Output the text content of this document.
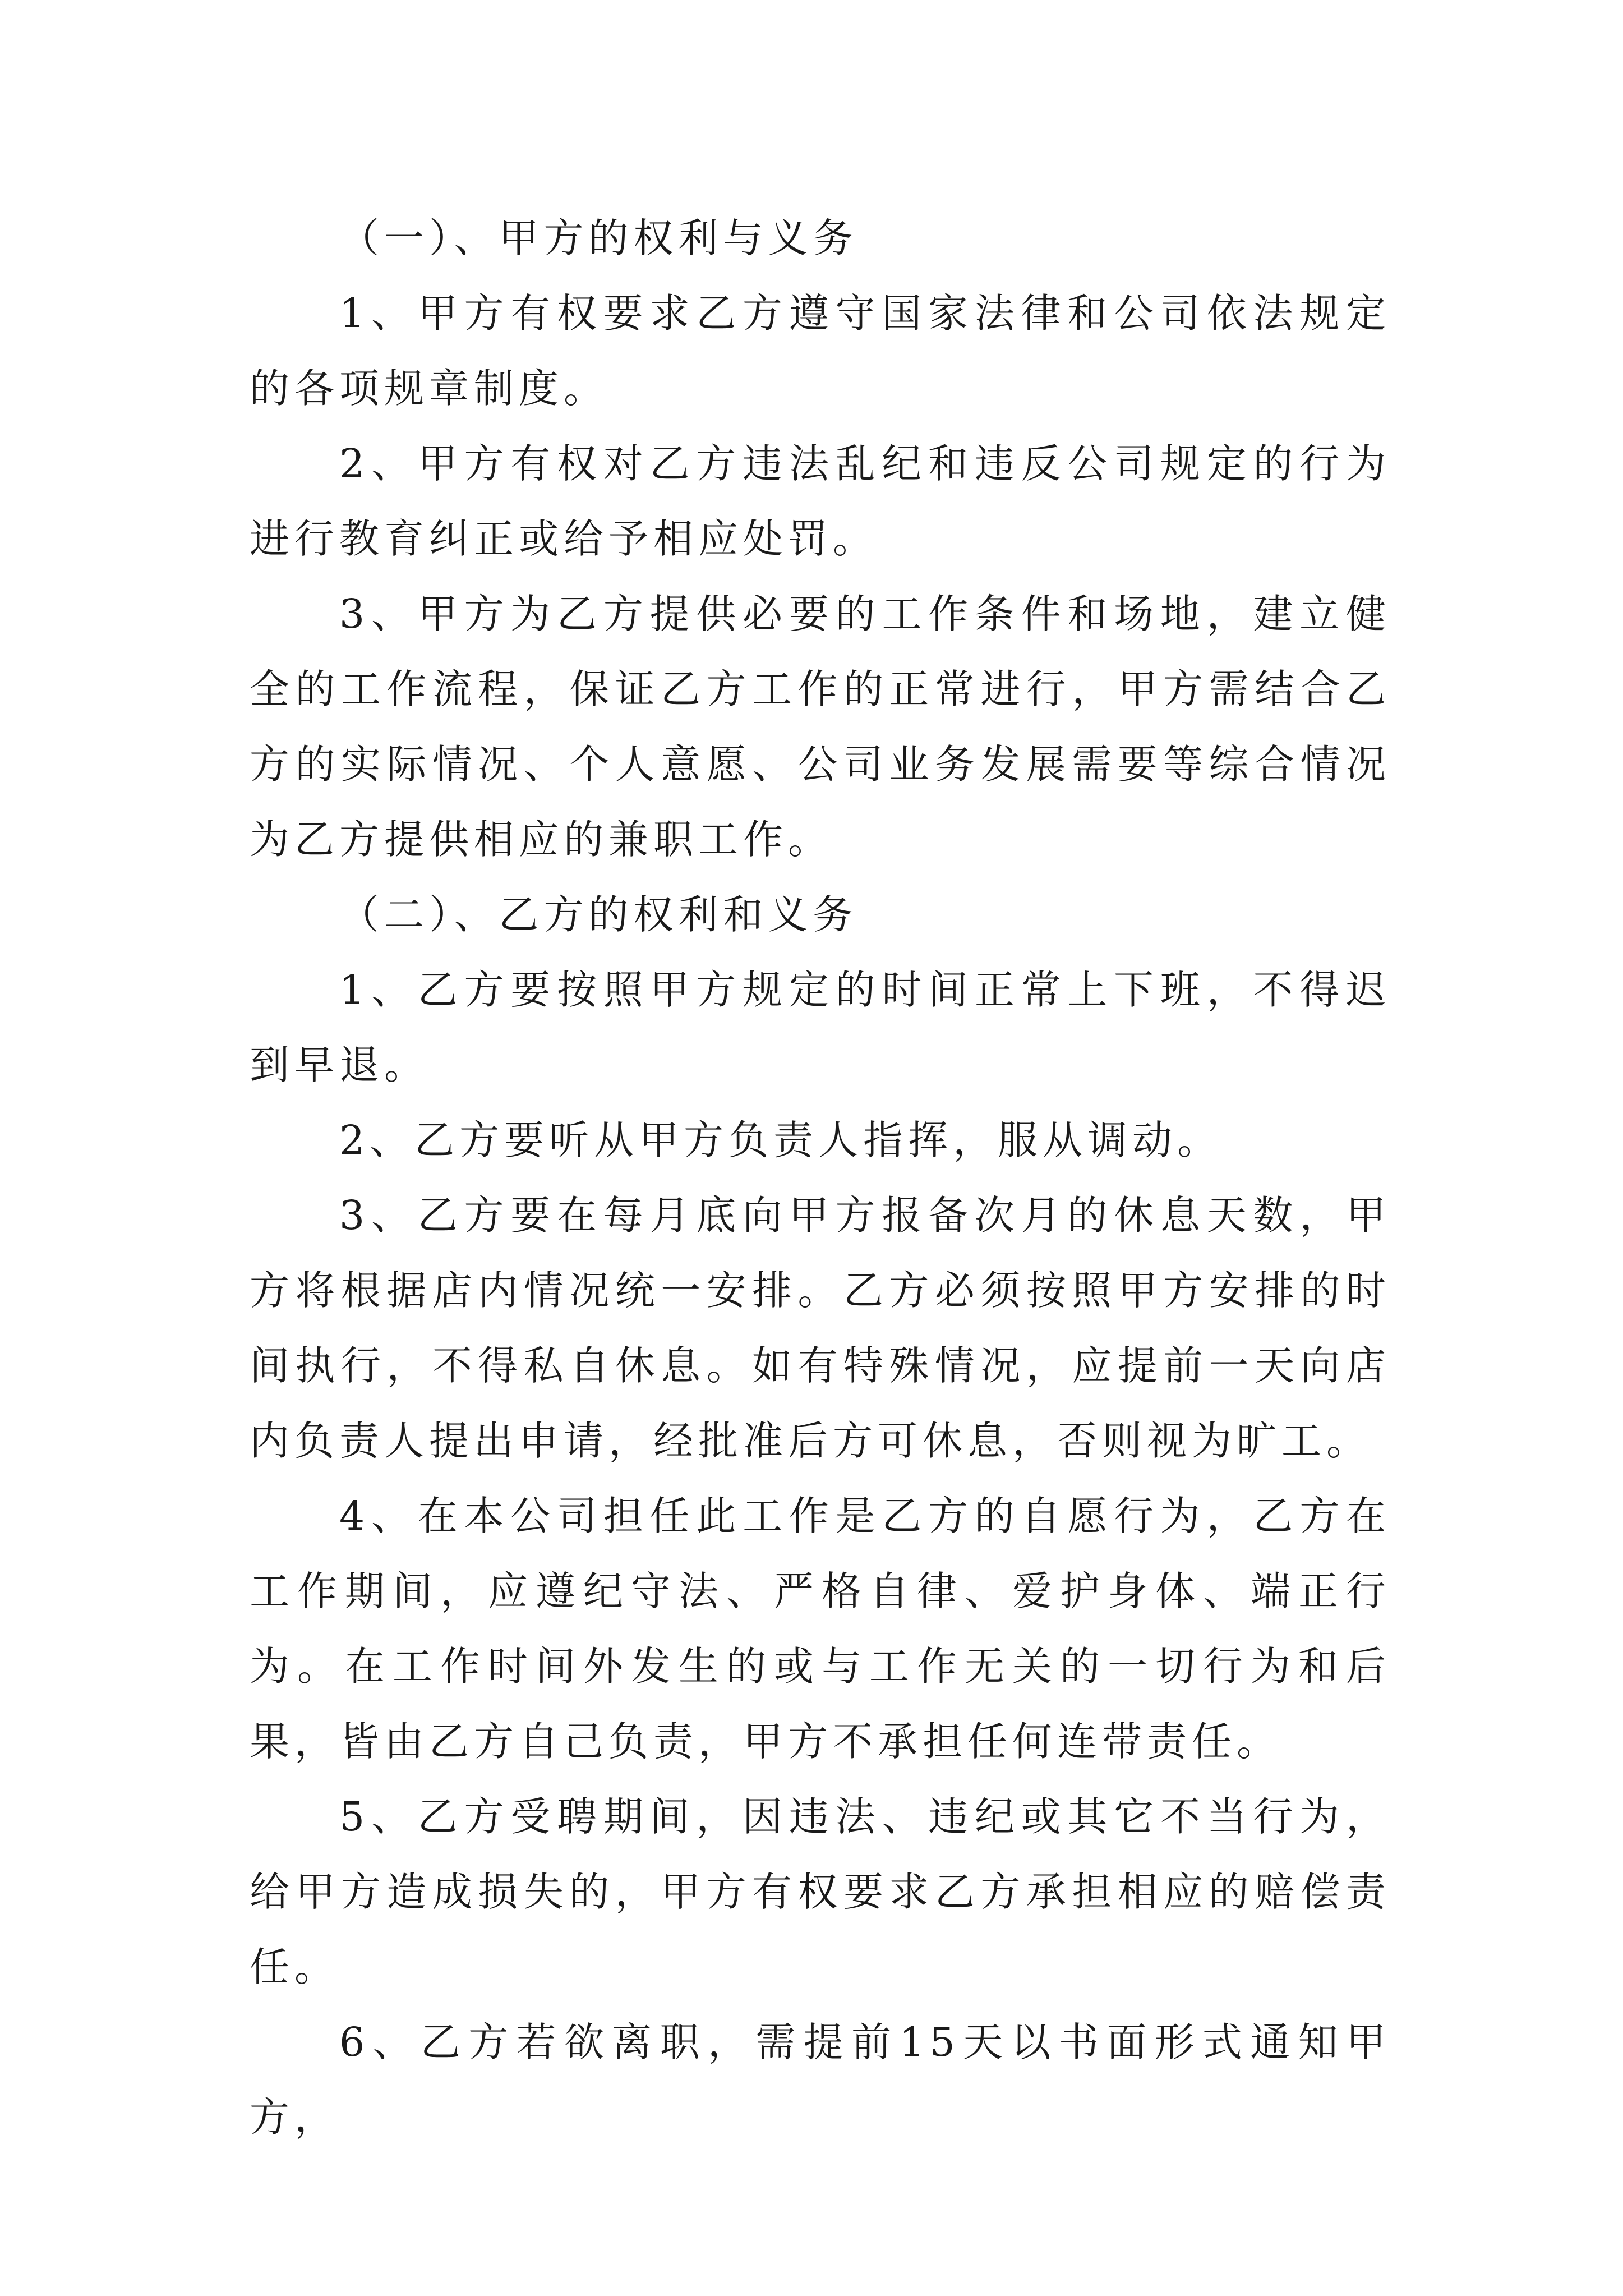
（一）、甲方的权利与义务

1、甲方有权要求乙方遵守国家法律和公司依法规定的各项规章制度。

2、甲方有权对乙方违法乱纪和违反公司规定的行为进行教育纠正或给予相应处罚。

3、甲方为乙方提供必要的工作条件和场地，建立健全的工作流程，保证乙方工作的正常进行，甲方需结合乙方的实际情况、个人意愿、公司业务发展需要等综合情况为乙方提供相应的兼职工作。

（二）、乙方的权利和义务

1、乙方要按照甲方规定的时间正常上下班，不得迟到早退。

2、乙方要听从甲方负责人指挥，服从调动。

3、乙方要在每月底向甲方报备次月的休息天数，甲方将根据店内情况统一安排。乙方必须按照甲方安排的时间执行，不得私自休息。如有特殊情况，应提前一天向店内负责人提出申请，经批准后方可休息，否则视为旷工。

4、在本公司担任此工作是乙方的自愿行为，乙方在工作期间，应遵纪守法、严格自律、爱护身体、端正行为。在工作时间外发生的或与工作无关的一切行为和后果，皆由乙方自己负责，甲方不承担任何连带责任。

5、乙方受聘期间，因违法、违纪或其它不当行为，给甲方造成损失的，甲方有权要求乙方承担相应的赔偿责任。

6、乙方若欲离职，需提前15天以书面形式通知甲方，
